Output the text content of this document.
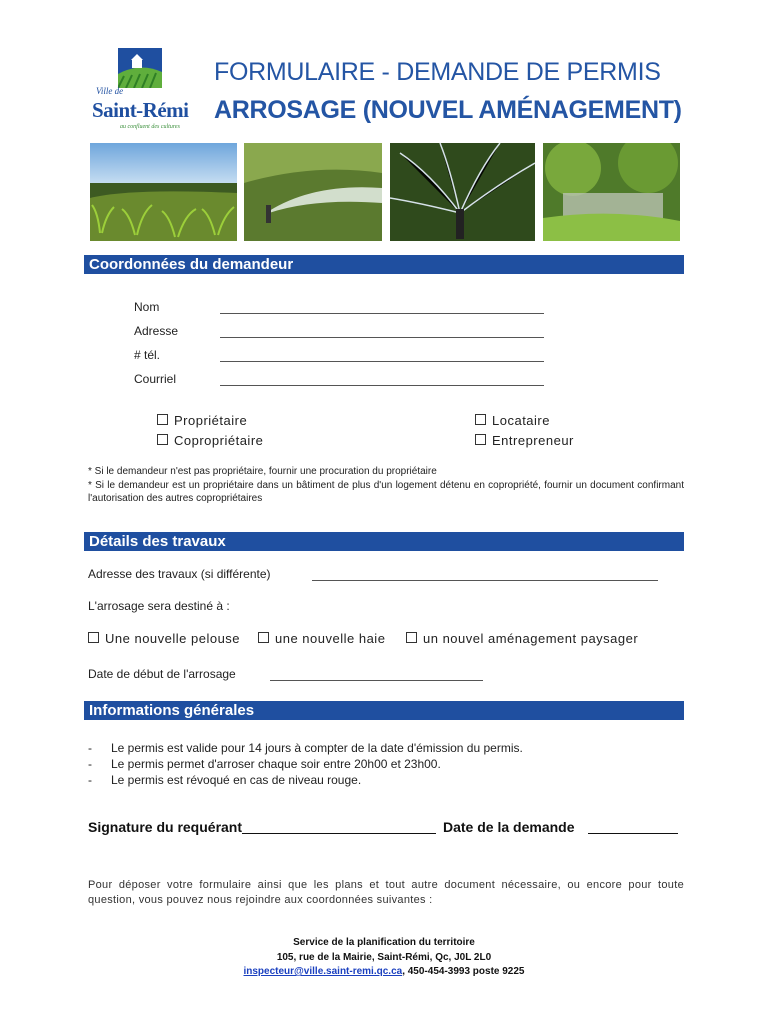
Ville de
Saint-Rémi
au confluent des cultures
FORMULAIRE - DEMANDE DE PERMIS
ARROSAGE (NOUVEL AMÉNAGEMENT)
Coordonnées du demandeur
Nom
Adresse
# tél.
Courriel
Propriétaire
Copropriétaire
Locataire
Entrepreneur
* Si le demandeur n'est pas propriétaire, fournir une procuration du propriétaire
* Si le demandeur est un propriétaire dans un bâtiment de plus d'un logement détenu en copropriété, fournir un document confirmant l'autorisation des autres copropriétaires
Détails des travaux
Adresse des travaux (si différente)
L'arrosage sera destiné à :
Une nouvelle pelouse	une nouvelle haie	un nouvel aménagement paysager
Date de début de l'arrosage
Informations générales
- Le permis est valide pour 14 jours à compter de la date d'émission du permis.
- Le permis permet d'arroser chaque soir entre 20h00 et 23h00.
- Le permis est révoqué en cas de niveau rouge.
Signature du requérant	Date de la demande
Pour déposer votre formulaire ainsi que les plans et tout autre document nécessaire, ou encore pour toute question, vous pouvez nous rejoindre aux coordonnées suivantes :
Service de la planification du territoire
105, rue de la Mairie, Saint-Rémi, Qc, J0L 2L0
inspecteur@ville.saint-remi.qc.ca, 450-454-3993 poste 9225
